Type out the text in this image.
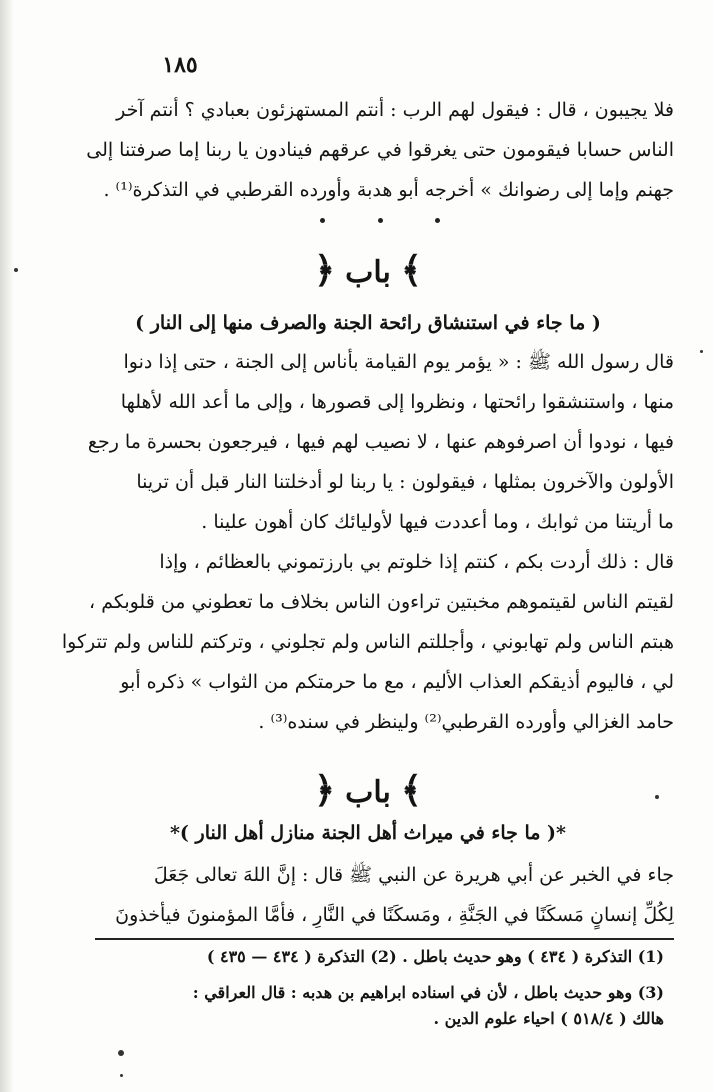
١٨٥
فلا يجيبون ، قال : فيقول لهم الرب : أنتم المستهزئون بعبادي ؟ أنتم آخر
الناس حسابا فيقومون حتى يغرقوا في عرقهم فينادون يا ربنا إما صرفتنا إلى
جهنم وإما إلى رضوانك » أخرجه أبو هدبة وأورده القرطبي في التذكرة⁽¹⁾ .
﴾باب﴿
( ما جاء في استنشاق رائحة الجنة والصرف منها إلى النار )
قال رسول الله ﷺ : « يؤمر يوم القيامة بأناس إلى الجنة ، حتى إذا دنوا
منها ، واستنشقوا رائحتها ، ونظروا إلى قصورها ، وإلى ما أعد الله لأهلها
فيها ، نودوا أن اصرفوهم عنها ، لا نصيب لهم فيها ، فيرجعون بحسرة ما رجع
الأولون والآخرون بمثلها ، فيقولون : يا ربنا لو أدخلتنا النار قبل أن ترينا
ما أريتنا من ثوابك ، وما أعددت فيها لأوليائك كان أهون علينا .
قال : ذلك أردت بكم ، كنتم إذا خلوتم بي بارزتموني بالعظائم ، وإذا
لقيتم الناس لقيتموهم مخبتين تراءون الناس بخلاف ما تعطوني من قلوبكم ،
هبتم الناس ولم تهابوني ، وأجللتم الناس ولم تجلوني ، وتركتم للناس ولم تتركوا
لي ، فاليوم أذيقكم العذاب الأليم ، مع ما حرمتكم من الثواب » ذكره أبو
حامد الغزالي وأورده القرطبي⁽²⁾ ولينظر في سنده⁽³⁾ .
﴾باب﴿
*( ما جاء في ميراث أهل الجنة منازل أهل النار )*
جاء في الخبر عن أبي هريرة عن النبي ﷺ قال : إنَّ اللهَ تعالى جَعَلَ
لِكُلِّ إنسانٍ مَسكَنًا في الجَنَّةِ ، ومَسكَنًا في النَّارِ ، فأمَّا المؤمنونَ فيأخذونَ
(1) التذكرة ( ٤٣٤ ) وهو حديث باطل . (2) التذكرة ( ٤٣٤ — ٤٣٥ )
(3) وهو حديث باطل ، لأن في اسناده ابراهيم بن هدبه : قال العراقي :
هالك ( ٥١٨/٤ ) احياء علوم الدين .
